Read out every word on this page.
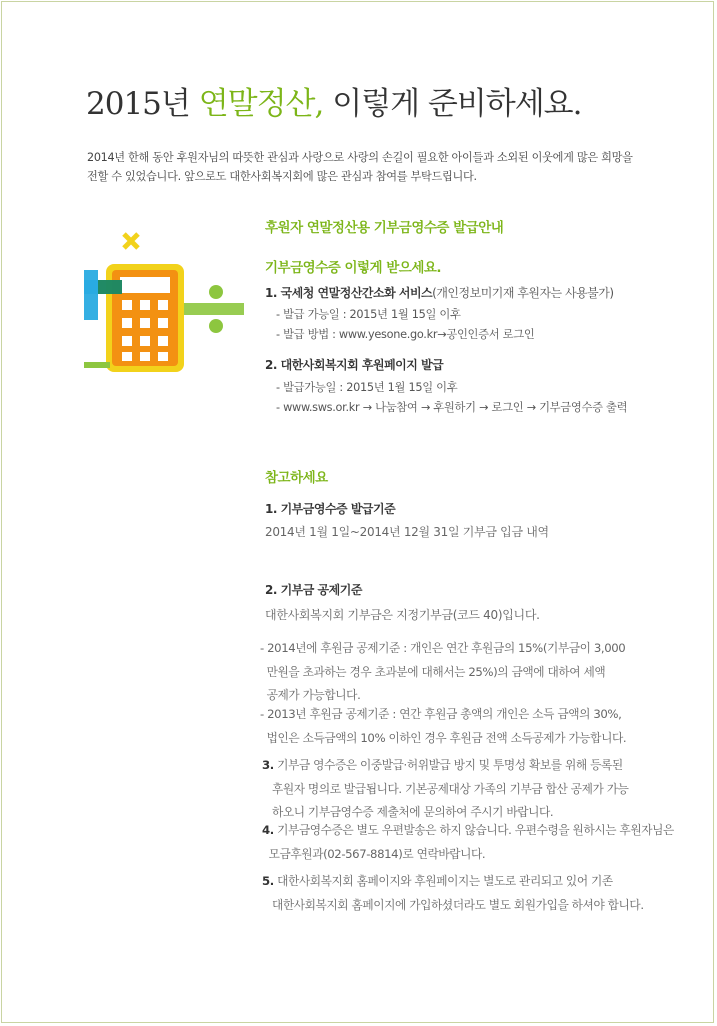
2015년 연말정산, 이렇게 준비하세요.

2014년 한해 동안 후원자님의 따뜻한 관심과 사랑으로 사랑의 손길이 필요한 아이들과 소외된 이웃에게 많은 희망을

전할 수 있었습니다. 앞으로도 대한사회복지회에 많은 관심과 참여를 부탁드립니다.

후원자 연말정산용 기부금영수증 발급안내
기부금영수증 이렇게 받으세요.
1. 국세청 연말정산간소화 서비스(개인정보미기재 후원자는 사용불가)
- 발급 가능일 : 2015년 1월 15일 이후
- 발급 방법 : www.yesone.go.kr→공인인증서 로그인
2. 대한사회복지회 후원페이지 발급
- 발급가능일 : 2015년 1월 15일 이후
- www.sws.or.kr → 나눔참여 → 후원하기 → 로그인 → 기부금영수증 출력
참고하세요
1. 기부금영수증 발급기준
2014년 1월 1일~2014년 12월 31일 기부금 입금 내역
2. 기부금 공제기준
대한사회복지회 기부금은 지정기부금(코드 40)입니다.

- 2014년에 후원금 공제기준 : 개인은 연간 후원금의 15%(기부금이 3,000

만원을 초과하는 경우 초과분에 대해서는 25%)의 금액에 대하여 세액

공제가 가능합니다.

- 2013년 후원금 공제기준 : 연간 후원금 총액의 개인은 소득 금액의 30%,

법인은 소득금액의 10% 이하인 경우 후원금 전액 소득공제가 가능합니다.

3. 기부금 영수증은 이중발급·허위발급 방지 및 투명성 확보를 위해 등록된

후원자 명의로 발급됩니다. 기본공제대상 가족의 기부금 합산 공제가 가능

하오니 기부금영수증 제출처에 문의하여 주시기 바랍니다.

4. 기부금영수증은 별도 우편발송은 하지 않습니다. 우편수령을 원하시는 후원자님은

모금후원과(02-567-8814)로 연락바랍니다.

5. 대한사회복지회 홈페이지와 후원페이지는 별도로 관리되고 있어 기존

대한사회복지회 홈페이지에 가입하셨더라도 별도 회원가입을 하셔야 합니다.
